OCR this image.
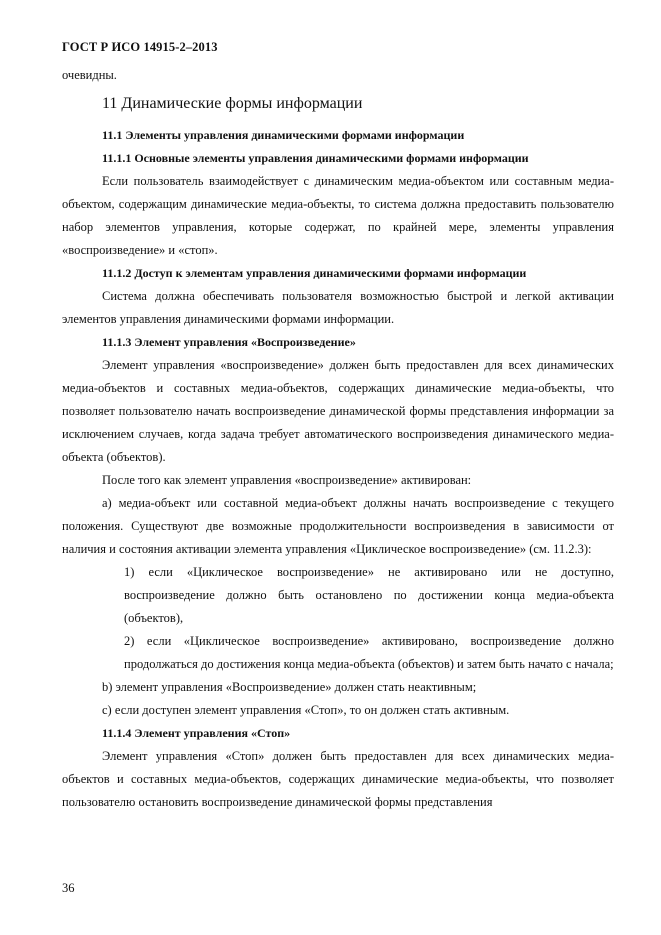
ГОСТ Р ИСО 14915-2–2013

очевидны.

11 Динамические формы информации

11.1 Элементы управления динамическими формами информации

11.1.1 Основные элементы управления динамическими формами информации

Если пользователь взаимодействует с динамическим медиа-объектом или составным медиа-объектом, содержащим динамические медиа-объекты, то система должна предоставить пользователю набор элементов управления, которые содержат, по крайней мере, элементы управления «воспроизведение» и «стоп».

11.1.2 Доступ к элементам управления динамическими формами информации

Система должна обеспечивать пользователя возможностью быстрой и легкой активации элементов управления динамическими формами информации.

11.1.3 Элемент управления «Воспроизведение»

Элемент управления «воспроизведение» должен быть предоставлен для всех динамических медиа-объектов и составных медиа-объектов, содержащих динамические медиа-объекты, что позволяет пользователю начать воспроизведение динамической формы представления информации за исключением случаев, когда задача требует автоматического воспроизведения динамического медиа-объекта (объектов).

После того как элемент управления «воспроизведение» активирован:

а) медиа-объект или составной медиа-объект должны начать воспроизведение с текущего положения. Существуют две возможные продолжительности воспроизведения в зависимости от наличия и состояния активации элемента управления «Циклическое воспроизведение» (см. 11.2.3):

1) если «Циклическое воспроизведение» не активировано или не доступно, воспроизведение должно быть остановлено по достижении конца медиа-объекта (объектов),

2) если «Циклическое воспроизведение» активировано, воспроизведение должно продолжаться до достижения конца медиа-объекта (объектов) и затем быть начато с начала;

b) элемент управления «Воспроизведение» должен стать неактивным;

с) если доступен элемент управления «Стоп», то он должен стать активным.

11.1.4 Элемент управления «Стоп»

Элемент управления «Стоп» должен быть предоставлен для всех динамических медиа-объектов и составных медиа-объектов, содержащих динамические медиа-объекты, что позволяет пользователю остановить воспроизведение динамической формы представления

36
